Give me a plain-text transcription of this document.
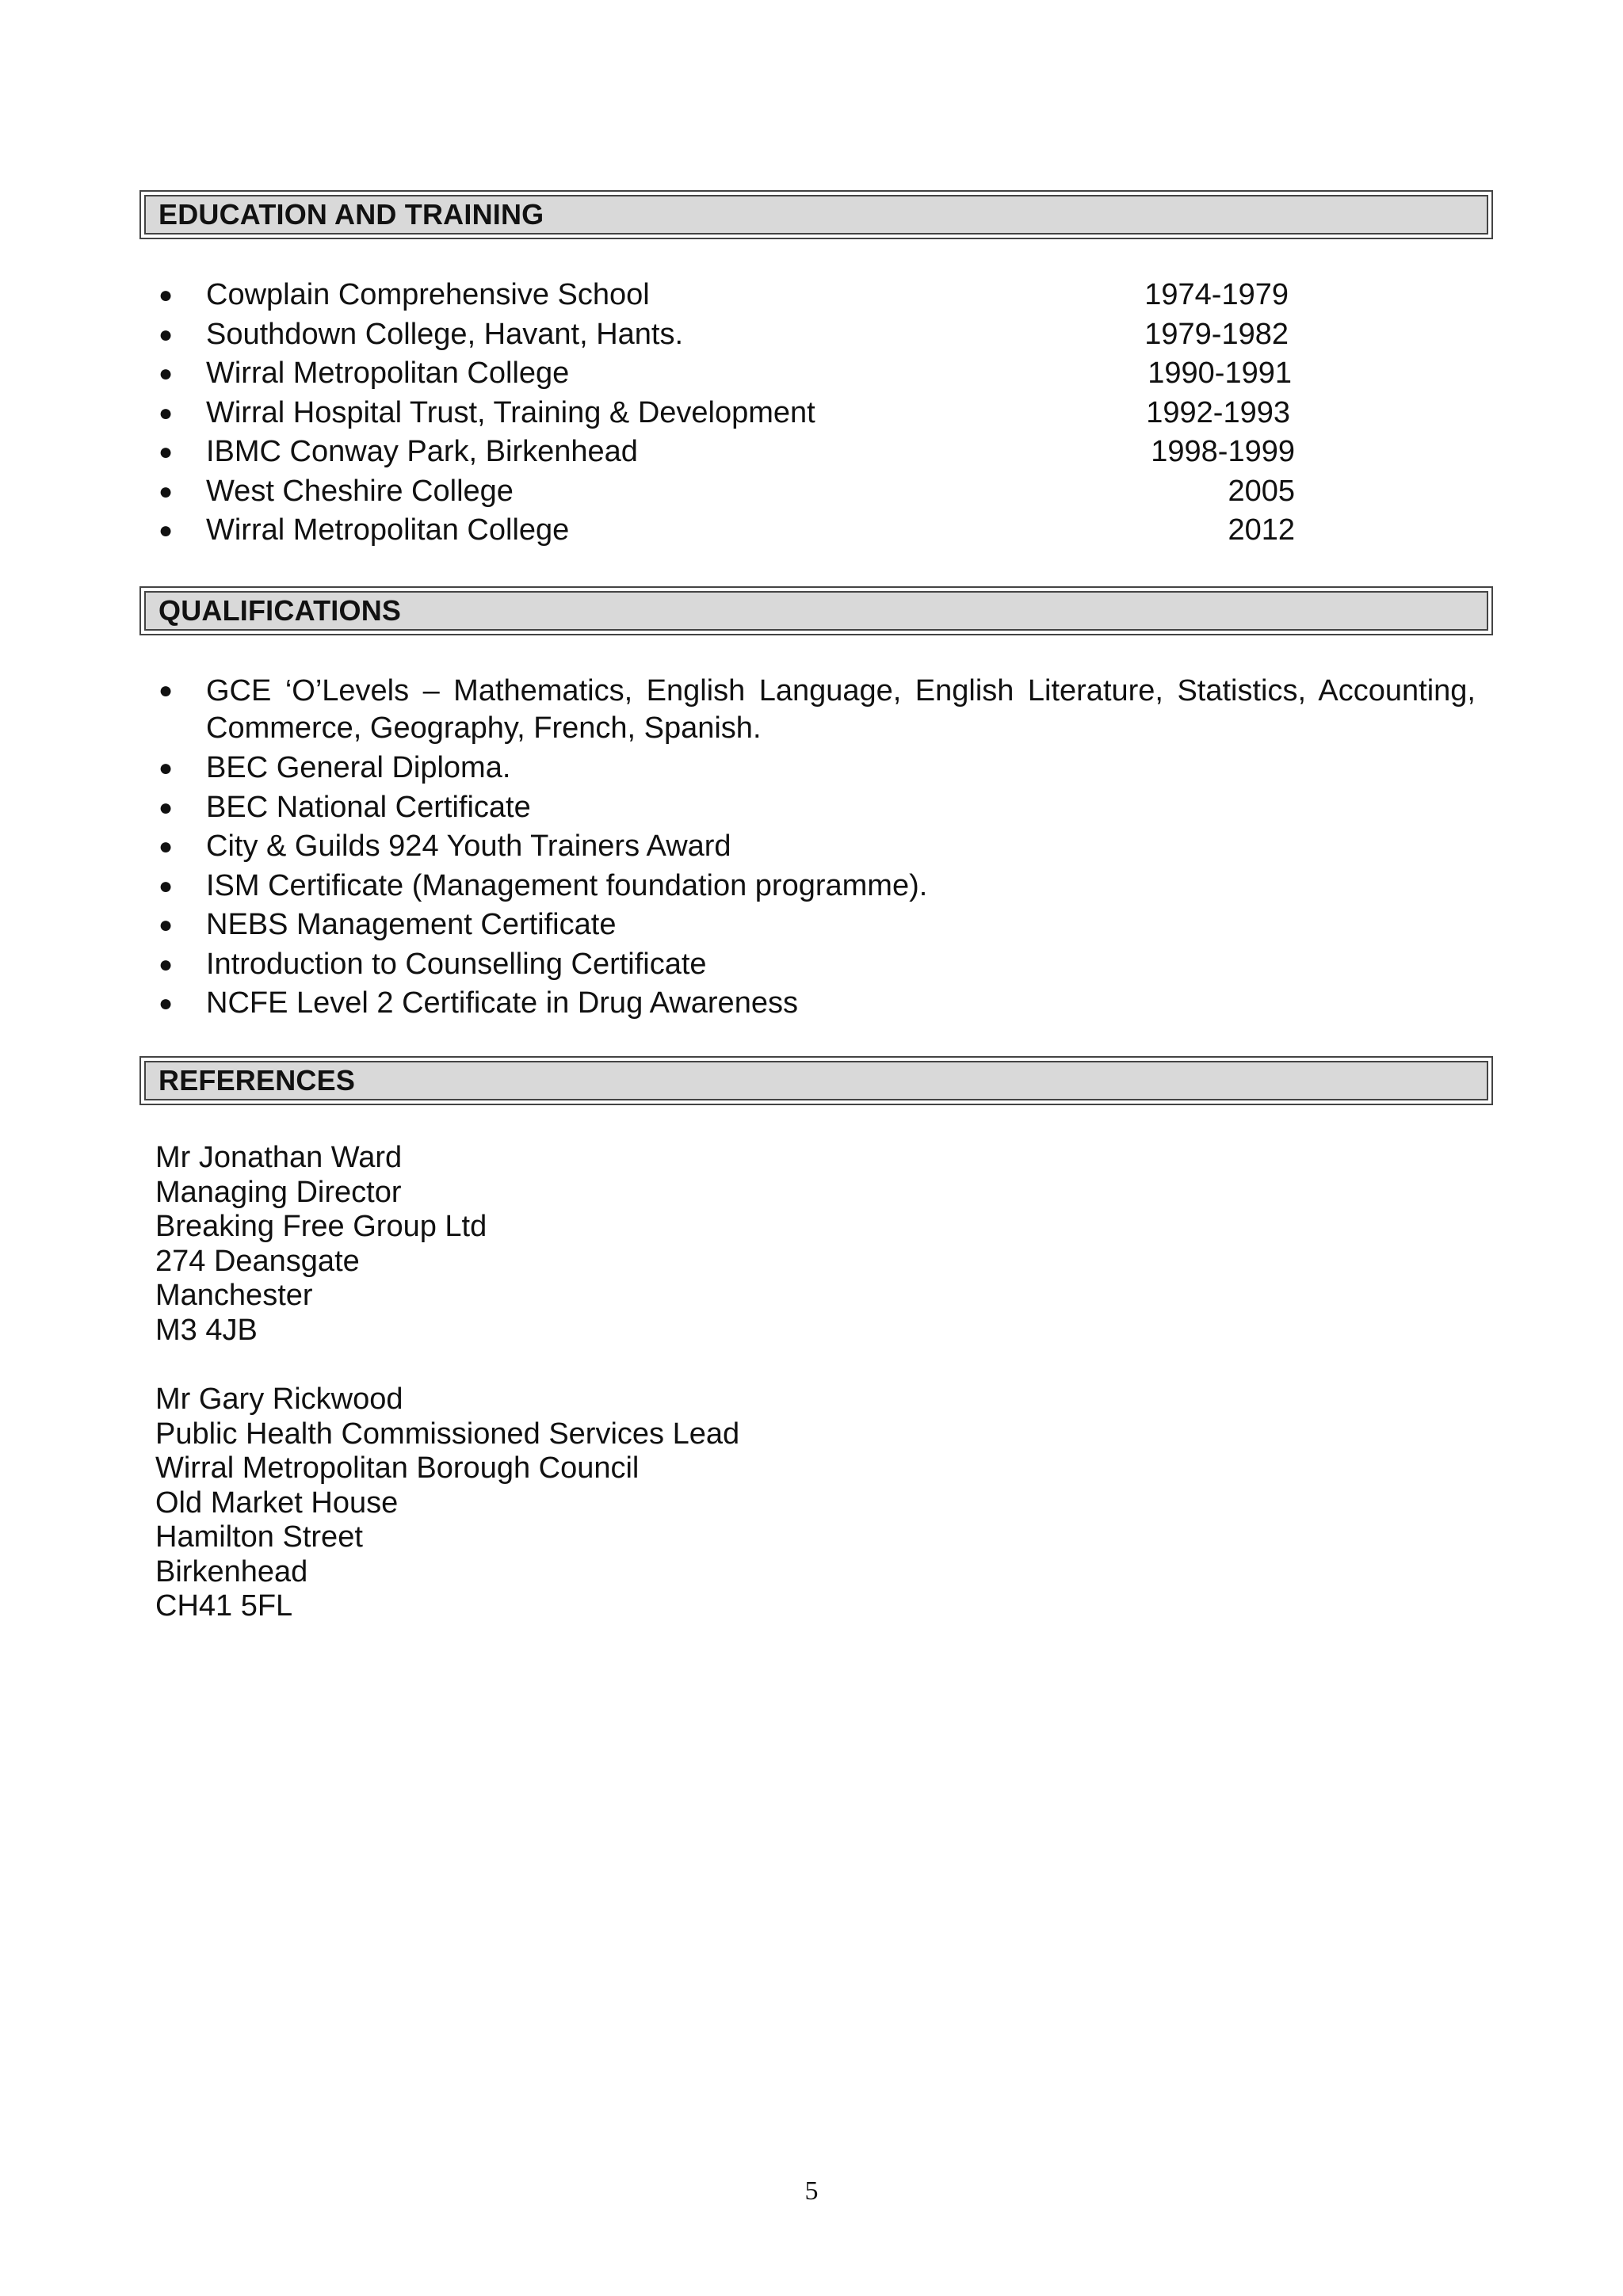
EDUCATION AND TRAINING
● Cowplain Comprehensive School	1974-1979
● Southdown College, Havant, Hants.	1979-1982
● Wirral Metropolitan College	1990-1991
● Wirral Hospital Trust, Training & Development	1992-1993
● IBMC Conway Park, Birkenhead	1998-1999
● West Cheshire College	2005
● Wirral Metropolitan College	2012
QUALIFICATIONS
● GCE ‘O’Levels – Mathematics, English Language, English Literature, Statistics, Accounting, Commerce, Geography, French, Spanish.
● BEC General Diploma.
● BEC National Certificate
● City & Guilds 924 Youth Trainers Award
● ISM Certificate (Management foundation programme).
● NEBS Management Certificate
● Introduction to Counselling Certificate
● NCFE Level 2 Certificate in Drug Awareness
REFERENCES
Mr Jonathan Ward
Managing Director
Breaking Free Group Ltd
274 Deansgate
Manchester
M3 4JB
Mr Gary Rickwood
Public Health Commissioned Services Lead
Wirral Metropolitan Borough Council
Old Market House
Hamilton Street
Birkenhead
CH41 5FL
5
